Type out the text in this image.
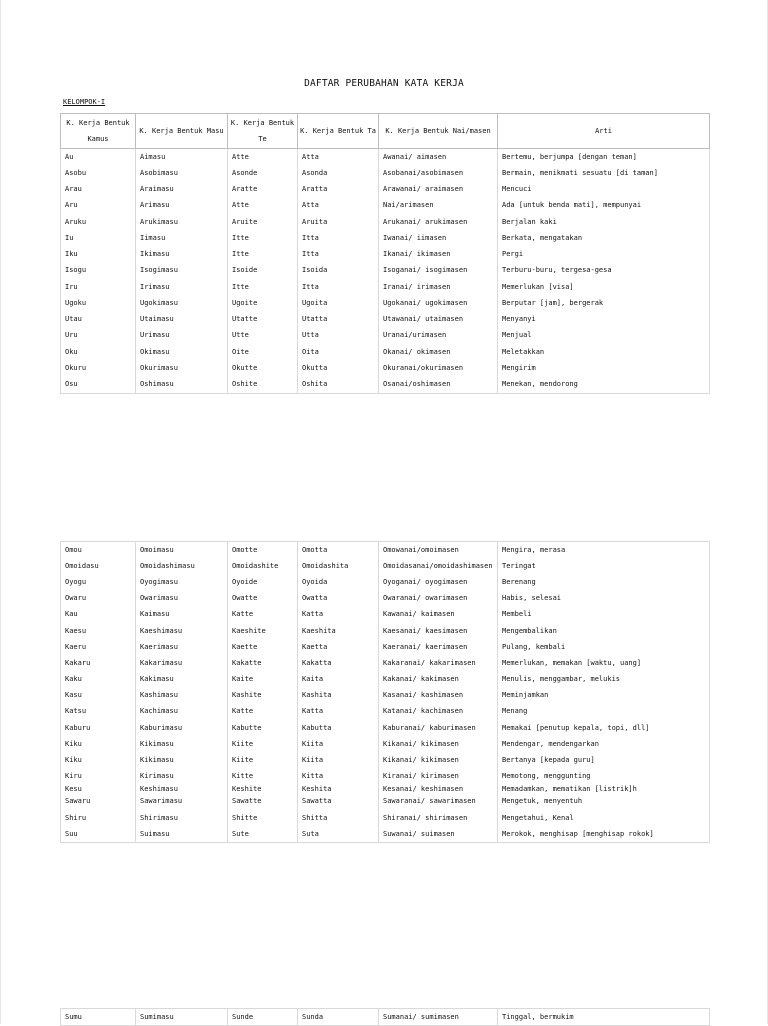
DAFTAR PERUBAHAN KATA KERJA
KELOMPOK-I
K. Kerja Bentuk Kamus	K. Kerja Bentuk Masu	K. Kerja Bentuk Te	K. Kerja Bentuk Ta	K. Kerja Bentuk Nai/masen	Arti
Au	Aimasu	Atte	Atta	Awanai/ aimasen	Bertemu, berjumpa [dengan teman]
Asobu	Asobimasu	Asonde	Asonda	Asobanai/asobimasen	Bermain, menikmati sesuatu [di taman]
Arau	Araimasu	Aratte	Aratta	Arawanai/ araimasen	Mencuci
Aru	Arimasu	Atte	Atta	Nai/arimasen	Ada [untuk benda mati], mempunyai
Aruku	Arukimasu	Aruite	Aruita	Arukanai/ arukimasen	Berjalan kaki
Iu	Iimasu	Itte	Itta	Iwanai/ iimasen	Berkata, mengatakan
Iku	Ikimasu	Itte	Itta	Ikanai/ ikimasen	Pergi
Isogu	Isogimasu	Isoide	Isoida	Isoganai/ isogimasen	Terburu-buru, tergesa-gesa
Iru	Irimasu	Itte	Itta	Iranai/ irimasen	Memerlukan [visa]
Ugoku	Ugokimasu	Ugoite	Ugoita	Ugokanai/ ugokimasen	Berputar [jam], bergerak
Utau	Utaimasu	Utatte	Utatta	Utawanai/ utaimasen	Menyanyi
Uru	Urimasu	Utte	Utta	Uranai/urimasen	Menjual
Oku	Okimasu	Oite	Oita	Okanai/ okimasen	Meletakkan
Okuru	Okurimasu	Okutte	Okutta	Okuranai/okurimasen	Mengirim
Osu	Oshimasu	Oshite	Oshita	Osanai/oshimasen	Menekan, mendorong
Omou	Omoimasu	Omotte	Omotta	Omowanai/omoimasen	Mengira, merasa
Omoidasu	Omoidashimasu	Omoidashite	Omoidashita	Omoidasanai/omoidashimasen	Teringat
Oyogu	Oyogimasu	Oyoide	Oyoida	Oyoganai/ oyogimasen	Berenang
Owaru	Owarimasu	Owatte	Owatta	Owaranai/ owarimasen	Habis, selesai
Kau	Kaimasu	Katte	Katta	Kawanai/ kaimasen	Membeli
Kaesu	Kaeshimasu	Kaeshite	Kaeshita	Kaesanai/ kaesimasen	Mengembalikan
Kaeru	Kaerimasu	Kaette	Kaetta	Kaeranai/ kaerimasen	Pulang, kembali
Kakaru	Kakarimasu	Kakatte	Kakatta	Kakaranai/ kakarimasen	Memerlukan, memakan [waktu, uang]
Kaku	Kakimasu	Kaite	Kaita	Kakanai/ kakimasen	Menulis, menggambar, melukis
Kasu	Kashimasu	Kashite	Kashita	Kasanai/ kashimasen	Meminjamkan
Katsu	Kachimasu	Katte	Katta	Katanai/ kachimasen	Menang
Kaburu	Kaburimasu	Kabutte	Kabutta	Kaburanai/ kaburimasen	Memakai [penutup kepala, topi, dll]
Kiku	Kikimasu	Kiite	Kiita	Kikanai/ kikimasen	Mendengar, mendengarkan
Kiku	Kikimasu	Kiite	Kiita	Kikanai/ kikimasen	Bertanya [kepada guru]
Kiru	Kirimasu	Kitte	Kitta	Kiranai/ kirimasen	Memotong, menggunting
Kesu	Keshimasu	Keshite	Keshita	Kesanai/ keshimasen	Memadamkan, mematikan [listrik]h
Sawaru	Sawarimasu	Sawatte	Sawatta	Sawaranai/ sawarimasen	Mengetuk, menyentuh
Shiru	Shirimasu	Shitte	Shitta	Shiranai/ shirimasen	Mengetahui, Kenal
Suu	Suimasu	Sute	Suta	Suwanai/ suimasen	Merokok, menghisap [menghisap rokok]
Sumu	Sumimasu	Sunde	Sunda	Sumanai/ sumimasen	Tinggal, bermukim
